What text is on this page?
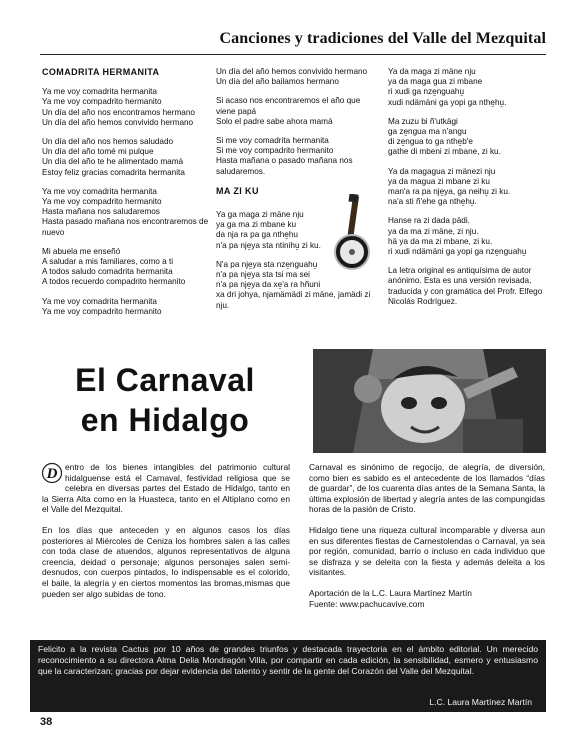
Canciones y tradiciones del Valle del Mezquital
COMADRITA HERMANITA

Ya me voy comadrita hermanita
Ya me voy compadrito hermanito
Un día del año nos encontramos hermano
Un día del año hemos convivido hermano

Un día del año nos hemos saludado
Un día del año tomé mi pulque
Un día del año te he alimentado mamá
Estoy feliz gracias comadrita hermanita

Ya me voy comadrita hermanita
Ya me voy compadrito hermanito
Hasta mañana nos saludaremos
Hasta pasado mañana nos encontraremos de nuevo

Mi abuela me enseñó
A saludar a mis familiares, como a ti
A todos saludo comadrita hermanita
A todos recuerdo compadrito hermanito

Ya me voy comadrita hermanita
Ya me voy compadrito hermanito

Un día del año hemos convivido hermano
Un día del año bailamos hermano

Si acaso nos encontraremos el año que viene papá
Solo el padre sabe ahora mamá

Si me voy comadrita hermanita
Si me voy compadrito hermanito
Hasta mañana o pasado mañana nos saludaremos.

MA ZI KU

Ya ga maga zi mäne nju
ya ga ma zi mbane ku
da nja ra pa ga nthe̱hu
n'a pa nje̱ya sta ntinihu̱ zi ku.

N'a pa nje̱ya sta nze̱nguahu̱
n'a pa nje̱ya sta tsi ma sei
n'a pa nje̱ya da xe̱'a ra hñuni
xa dri johya, njamämädi zi mäne, jamädi zi nju.

Ya da maga zi mäne nju
ya da maga gua zi mbane
ri xudi ga nze̱nguahu̱
xudi ndämäni ga yopi ga nthe̱hu̱.

Ma zuzu bi ñ'utkägi
ga ze̱ngua ma n'angu
di ze̱ngua to ga nthe̱b'e
gathe di mbeni zi mbane, zi ku.

Ya da magagua zi mänezi nju
ya da magua zi mbane zi ku
man'a ra pa nje̱ya, ga neihu̱ zi ku.
na'a sti ñ'ehe ga nthe̱hu̱.

Hanse ra zi dada pädi.
ya da ma zi mäne, zi nju.
hä ya da ma zi mbane, zi ku.
ri xudi ndämäni ga yopi ga nze̱nguahu̱

La letra original es antiquísima de autor anónimo. Esta es una versión revisada, traducida y con gramática del Profr. Elfego Nicolás Rodríguez.

El Carnaval
en Hidalgo

D entro de los bienes intangibles del patrimonio cultural hidalguense está el Carnaval, festividad religiosa que se celebra en diversas partes del Estado de Hidalgo, tanto en la Sierra Alta como en la Huasteca, tanto en el Altiplano como en el Valle del Mezquital.

En los días que anteceden y en algunos casos los días posteriores al Miércoles de Ceniza los hombres salen a las calles con toda clase de atuendos, algunos representativos de alguna creencia, deidad o personaje; algunos personajes salen semi-desnudos, con cuerpos pintados, lo indispensable es el colorido, el baile, la alegría y en ciertos momentos las bromas,mismas que pueden ser algo subidas de tono.

Carnaval es sinónimo de regocijo, de alegría, de diversión, como bien es sabido es el antecedente de los llamados “días de guardar”, de los cuarenta días antes de la Semana Santa, la última explosión de libertad y alegría antes de las compungidas horas de la pasión de Cristo.

Hidalgo tiene una riqueza cultural incomparable y diversa aun en sus diferentes fiestas de Carnestolendas o Carnaval, ya sea por región, comunidad, barrio o incluso en cada individuo que se disfraza y se deleita con la fiesta y además deleita a los visitantes.

Aportación de la L.C. Laura Martínez Martín

Fuente: www.pachucavive.com

Felicito a la revista Cactus por 10 años de grandes triunfos y destacada trayectoria en el ámbito editorial. Un merecido reconocimiento a su directora Alma Delia Mondragón Villa, por compartir en cada edición, la sensibilidad, esmero y entusiasmo que la caracterizan; gracias por dejar evidencia del talento y sentir de la gente del Corazón del Valle del Mezquital.
L.C. Laura Martínez Martín
38
